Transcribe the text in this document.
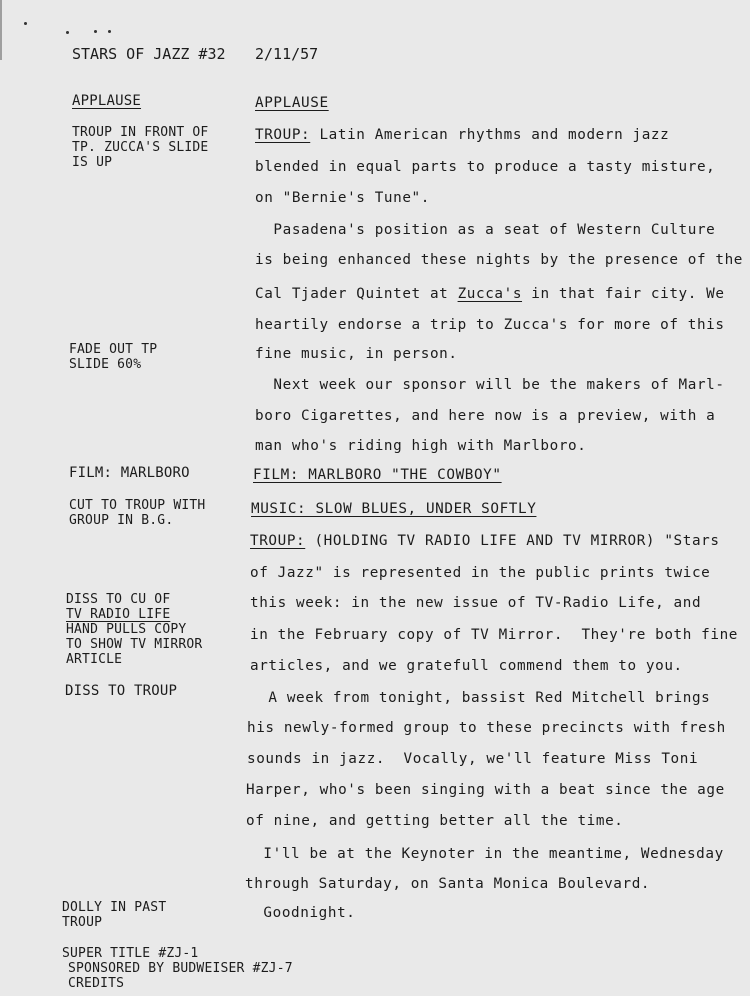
STARS OF JAZZ #32 2/11/57
APPLAUSE
TROUP IN FRONT OF
TP. ZUCCA'S SLIDE
IS UP
FADE OUT TP
SLIDE 60%
FILM: MARLBORO
CUT TO TROUP WITH
GROUP IN B.G.
DISS TO CU OF
TV RADIO LIFE
HAND PULLS COPY
TO SHOW TV MIRROR
ARTICLE
DISS TO TROUP
DOLLY IN PAST
TROUP
SUPER TITLE #ZJ-1
SPONSORED BY BUDWEISER #ZJ-7
CREDITS
APPLAUSE
TROUP: Latin American rhythms and modern jazz
blended in equal parts to produce a tasty misture,
on "Bernie's Tune".
Pasadena's position as a seat of Western Culture
is being enhanced these nights by the presence of the
Cal Tjader Quintet at Zucca's in that fair city. We
heartily endorse a trip to Zucca's for more of this
fine music, in person.
Next week our sponsor will be the makers of Marl-
boro Cigarettes, and here now is a preview, with a
man who's riding high with Marlboro.
FILM: MARLBORO "THE COWBOY"
MUSIC: SLOW BLUES, UNDER SOFTLY
TROUP: (HOLDING TV RADIO LIFE AND TV MIRROR) "Stars
of Jazz" is represented in the public prints twice
this week: in the new issue of TV-Radio Life, and
in the February copy of TV Mirror.  They're both fine
articles, and we gratefull commend them to you.
A week from tonight, bassist Red Mitchell brings
his newly-formed group to these precincts with fresh
sounds in jazz.  Vocally, we'll feature Miss Toni
Harper, who's been singing with a beat since the age
of nine, and getting better all the time.
I'll be at the Keynoter in the meantime, Wednesday
through Saturday, on Santa Monica Boulevard.
Goodnight.
